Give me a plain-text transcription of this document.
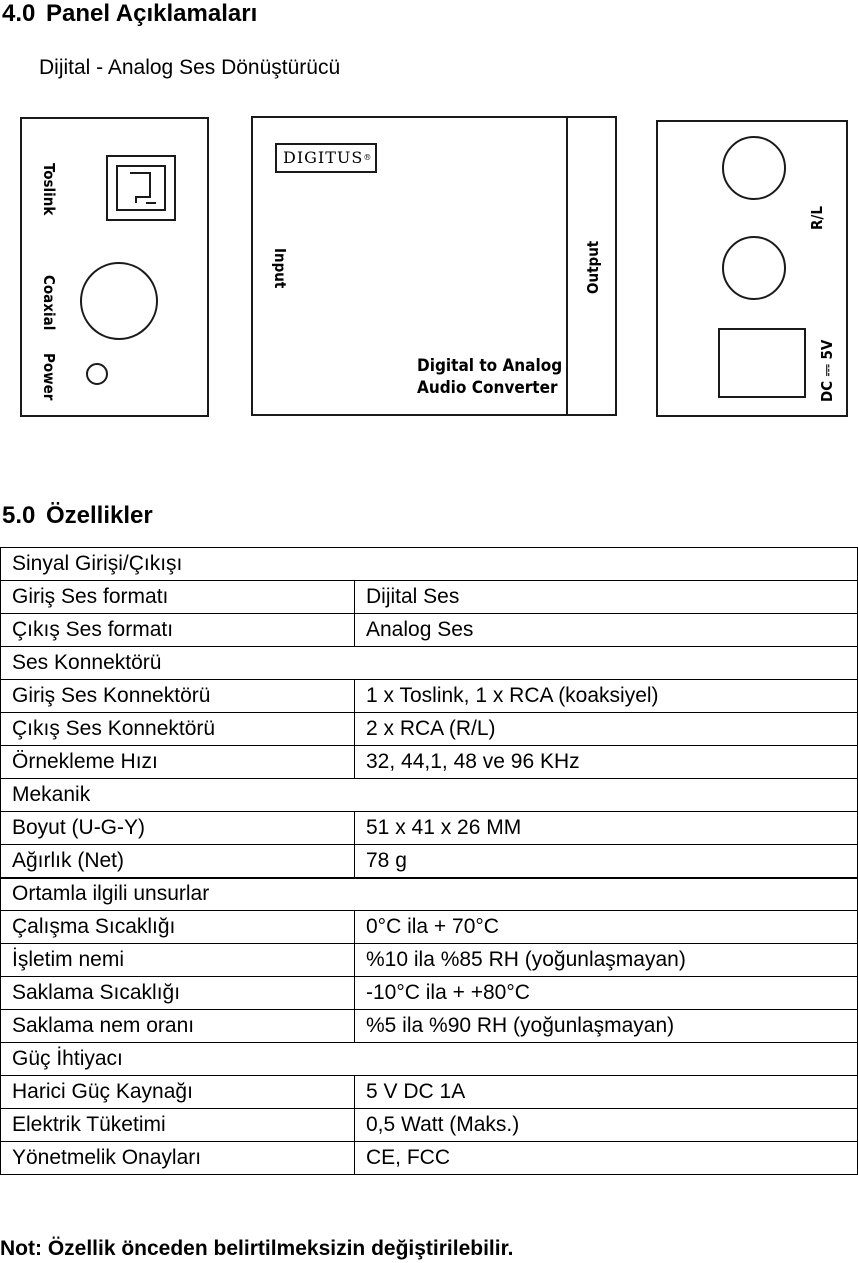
4.0 Panel Açıklamaları
Dijital - Analog Ses Dönüştürücü
Toslink
Coaxial
Power
DIGITUS®
Input	Output
Digital to Analog
Audio Converter
R/L
DC ⎓ 5V
5.0 Özellikler
Sinyal Girişi/Çıkışı	
Giriş Ses formatı	Dijital Ses
Çıkış Ses formatı	Analog Ses
Ses Konnektörü	
Giriş Ses Konnektörü	1 x Toslink, 1 x RCA (koaksiyel)
Çıkış Ses Konnektörü	2 x RCA (R/L)
Örnekleme Hızı	32, 44,1, 48 ve 96 KHz
Mekanik	
Boyut (U-G-Y)	51 x 41 x 26 MM
Ağırlık (Net)	78 g
Ortamla ilgili unsurlar	
Çalışma Sıcaklığı	0°C ila + 70°C
İşletim nemi	%10 ila %85 RH (yoğunlaşmayan)
Saklama Sıcaklığı	-10°C ila + +80°C
Saklama nem oranı	%5 ila %90 RH (yoğunlaşmayan)
Güç İhtiyacı	
Harici Güç Kaynağı	5 V DC 1A
Elektrik Tüketimi	0,5 Watt (Maks.)
Yönetmelik Onayları	CE, FCC
Not: Özellik önceden belirtilmeksizin değiştirilebilir.
